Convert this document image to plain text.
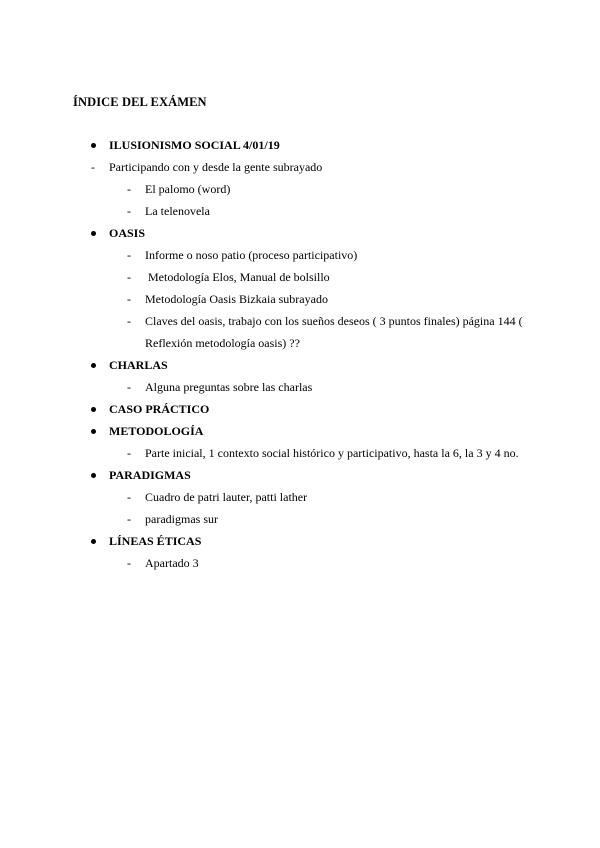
ÍNDICE DEL EXÁMEN
ILUSIONISMO SOCIAL 4/01/19
- Participando con y desde la gente subrayado
- El palomo (word)
- La telenovela
OASIS
- Informe o noso patio (proceso participativo)
- Metodología Elos, Manual de bolsillo
- Metodología Oasis Bizkaia subrayado
- Claves del oasis, trabajo con los sueños deseos ( 3 puntos finales) página 144 (
Reflexión metodología oasis) ??
CHARLAS
- Alguna preguntas sobre las charlas
CASO PRÁCTICO
METODOLOGÍA
- Parte inicial, 1 contexto social histórico y participativo, hasta la 6, la 3 y 4 no.
PARADIGMAS
- Cuadro de patri lauter, patti lather
- paradigmas sur
LÍNEAS ÉTICAS
- Apartado 3
